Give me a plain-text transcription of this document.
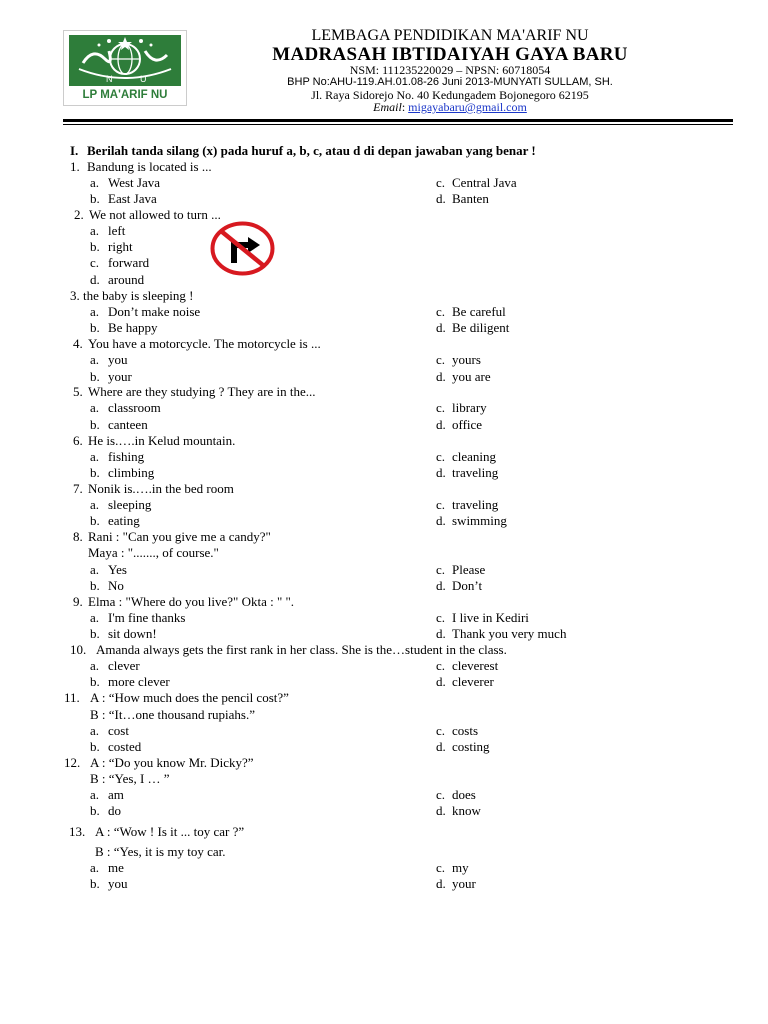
N	U
LP MA'ARIF NU
LEMBAGA PENDIDIKAN MA'ARIF NU
MADRASAH IBTIDAIYAH GAYA BARU
NSM: 111235220029 – NPSN: 60718054
BHP No:AHU-119.AH.01.08-26 Juni 2013-MUNYATI SULLAM, SH.
Jl. Raya Sidorejo No. 40 Kedungadem Bojonegoro 62195
Email: migayabaru@gmail.com
I. Berilah tanda silang (x) pada huruf a, b, c, atau d di depan jawaban yang benar !
1. Bandung is located is ...
a. West Java
b. East Java
c. Central Java
d. Banten
2. We not allowed to turn ...
a. left
b. right
c. forward
d. around
3. the baby is sleeping !
a. Don’t make noise
b. Be happy
c. Be careful
d. Be diligent
4. You have a motorcycle. The motorcycle is ...
a. you
b. your
c. yours
d. you are
5. Where are they studying ? They are in the...
a. classroom
b. canteen
c. library
d. office
6. He is.….in Kelud mountain.
a. fishing
b. climbing
c. cleaning
d. traveling
7. Nonik is.….in the bed room
a. sleeping
b. eating
c. traveling
d. swimming
8. Rani : "Can you give me a candy?"
Maya : "......., of course."
a. Yes
b. No
c. Please
d. Don’t
9. Elma : "Where do you live?" Okta : " ".
a. I'm fine thanks
b. sit down!
c. I live in Kediri
d. Thank you very much
10. Amanda always gets the first rank in her class. She is the…student in the class.
a. clever
b. more clever
c. cleverest
d. cleverer
11. A : “How much does the pencil cost?”
B : “It…one thousand rupiahs.”
a. cost
b. costed
c. costs
d. costing
12. A : “Do you know Mr. Dicky?”
B : “Yes, I … ”
a. am
b. do
c. does
d. know
13. A : “Wow ! Is it ... toy car ?”
B : “Yes, it is my toy car.
a. me
b. you
c. my
d. your
